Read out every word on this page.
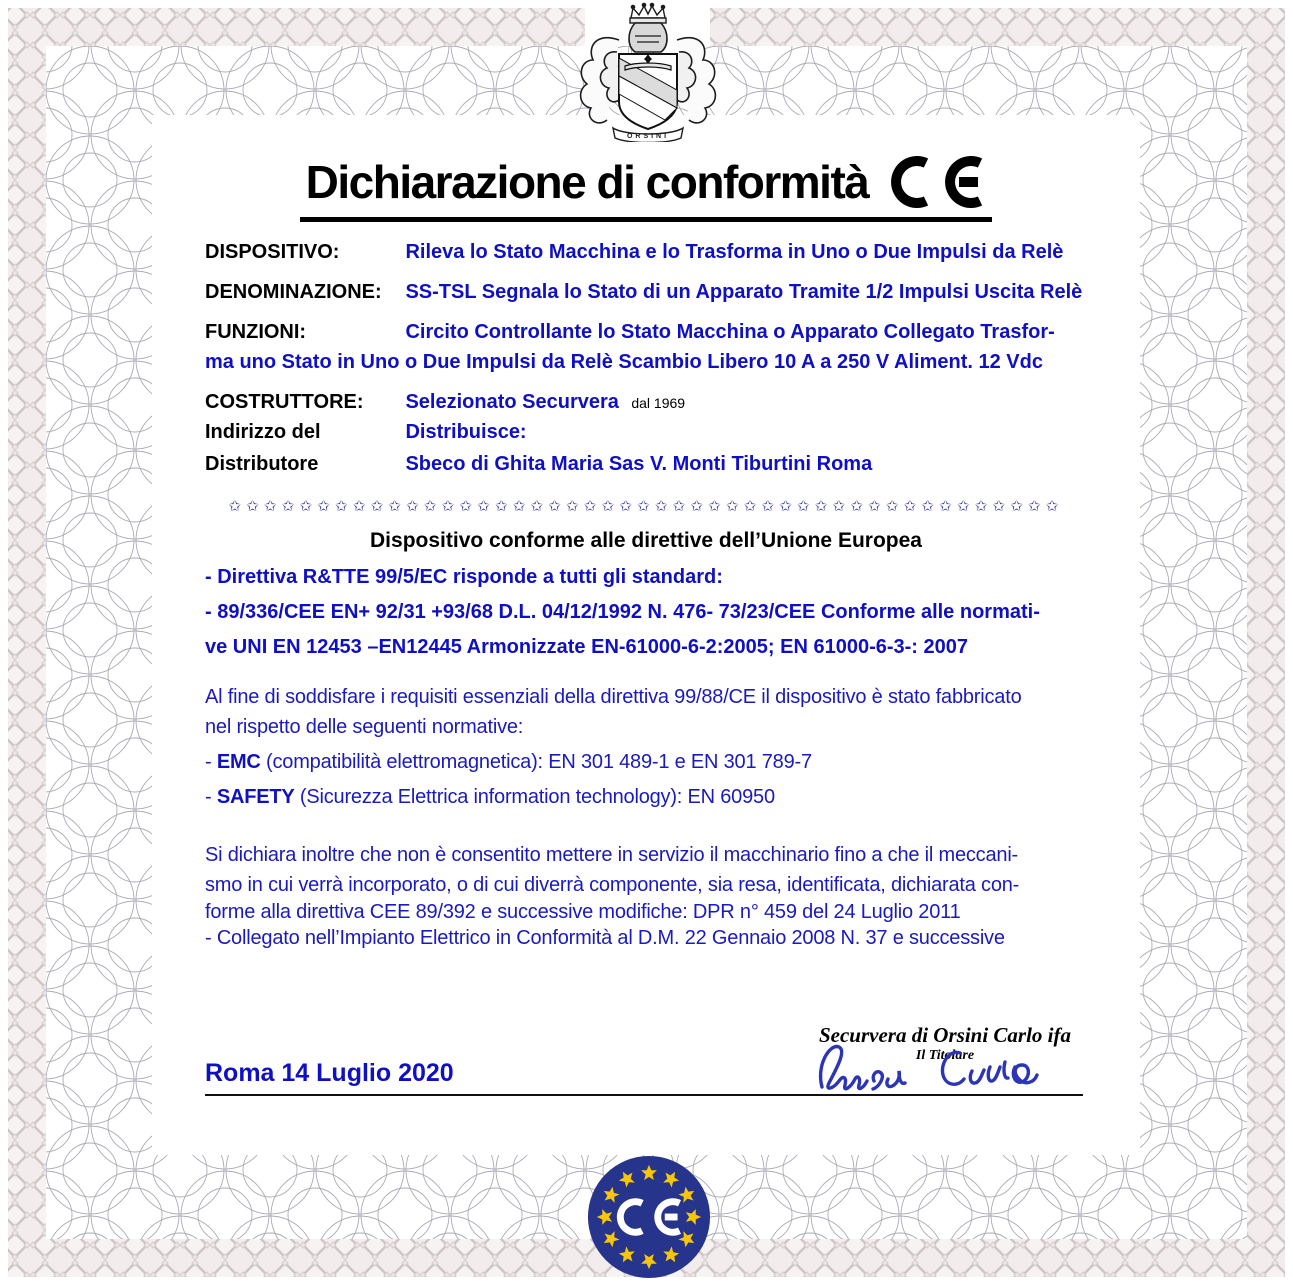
ORSINI
Dichiarazione di conformità
DISPOSITIVO:	Rileva lo Stato Macchina e lo Trasforma in Uno o Due Impulsi da Relè
DENOMINAZIONE: SS-TSL Segnala lo Stato di un Apparato Tramite 1/2 Impulsi Uscita Relè
FUNZIONI:	Circito Controllante lo Stato Macchina o Apparato Collegato Trasfor-
ma uno Stato in Uno o Due Impulsi da Relè Scambio Libero 10 A a 250 V Aliment. 12 Vdc
COSTRUTTORE: Selezionato Securvera dal 1969
Indirizzo del	Distribuisce:
Distributore	Sbeco di Ghita Maria Sas V. Monti Tiburtini Roma
✩✩✩✩✩✩✩✩✩✩✩✩✩✩✩✩✩✩✩✩✩✩✩✩✩✩✩✩✩✩✩✩✩✩✩✩✩✩✩✩✩✩✩✩✩✩✩
Dispositivo conforme alle direttive dell’Unione Europea
- Direttiva R&TTE 99/5/EC risponde a tutti gli standard:
- 89/336/CEE EN+ 92/31 +93/68 D.L. 04/12/1992 N. 476- 73/23/CEE Conforme alle normati-
ve UNI EN 12453 –EN12445 Armonizzate EN-61000-6-2:2005; EN 61000-6-3-: 2007
Al fine di soddisfare i requisiti essenziali della direttiva 99/88/CE il dispositivo è stato fabbricato
nel rispetto delle seguenti normative:
- EMC (compatibilità elettromagnetica): EN 301 489-1 e EN 301 789-7
- SAFETY (Sicurezza Elettrica information technology): EN 60950
Si dichiara inoltre che non è consentito mettere in servizio il macchinario fino a che il meccani-
smo in cui verrà incorporato, o di cui diverrà componente, sia resa, identificata, dichiarata con-
forme alla direttiva CEE 89/392 e successive modifiche: DPR n° 459 del 24 Luglio 2011
- Collegato nell’Impianto Elettrico in Conformità al D.M. 22 Gennaio 2008 N. 37 e successive
Securvera di Orsini Carlo ifa
Il Titolare
Roma 14 Luglio 2020
